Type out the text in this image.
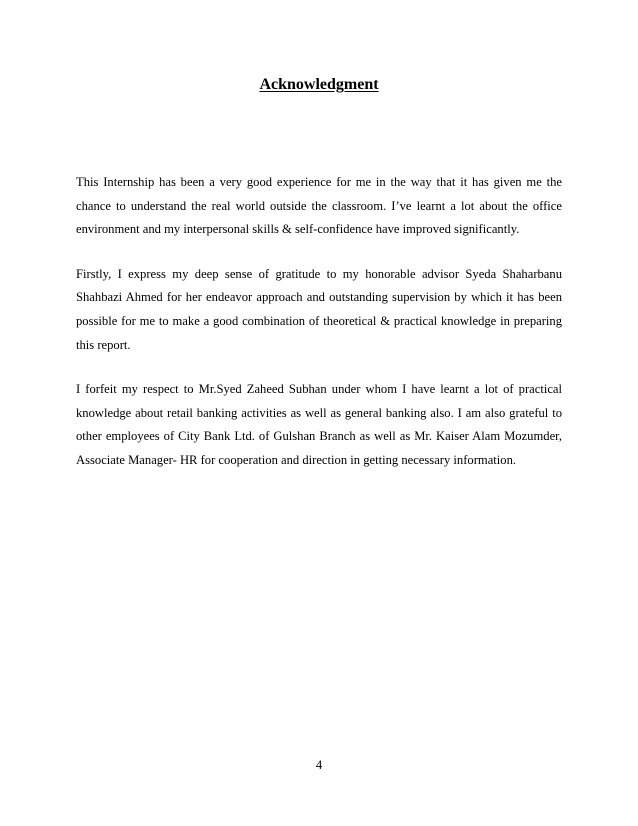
Acknowledgment

This Internship has been a very good experience for me in the way that it has given me the chance to understand the real world outside the classroom. I’ve learnt a lot about the office environment and my interpersonal skills & self-confidence have improved significantly.

Firstly, I express my deep sense of gratitude to my honorable advisor Syeda Shaharbanu Shahbazi Ahmed for her endeavor approach and outstanding supervision by which it has been possible for me to make a good combination of theoretical & practical knowledge in preparing this report.

I forfeit my respect to Mr.Syed Zaheed Subhan under whom I have learnt a lot of practical knowledge about retail banking activities as well as general banking also. I am also grateful to other employees of City Bank Ltd. of Gulshan Branch as well as Mr. Kaiser Alam Mozumder, Associate Manager- HR for cooperation and direction in getting necessary information.

4
